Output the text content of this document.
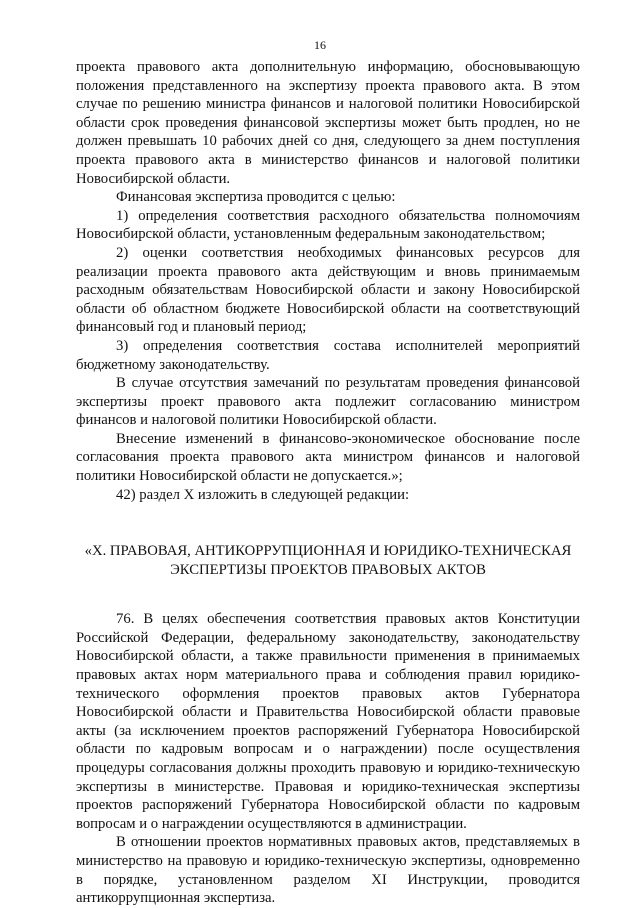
16

проекта правового акта дополнительную информацию, обосновывающую положения представленного на экспертизу проекта правового акта. В этом случае по решению министра финансов и налоговой политики Новосибирской области срок проведения финансовой экспертизы может быть продлен, но не должен превышать 10 рабочих дней со дня, следующего за днем поступления проекта правового акта в министерство финансов и налоговой политики Новосибирской области.

Финансовая экспертиза проводится с целью:

1) определения соответствия расходного обязательства полномочиям Новосибирской области, установленным федеральным законодательством;

2) оценки соответствия необходимых финансовых ресурсов для реализации проекта правового акта действующим и вновь принимаемым расходным обязательствам Новосибирской области и закону Новосибирской области об областном бюджете Новосибирской области на соответствующий финансовый год и плановый период;

3) определения соответствия состава исполнителей мероприятий бюджетному законодательству.

В случае отсутствия замечаний по результатам проведения финансовой экспертизы проект правового акта подлежит согласованию министром финансов и налоговой политики Новосибирской области.

Внесение изменений в финансово-экономическое обоснование после согласования проекта правового акта министром финансов и налоговой политики Новосибирской области не допускается.»;

42) раздел X изложить в следующей редакции:

«X. ПРАВОВАЯ, АНТИКОРРУПЦИОННАЯ И ЮРИДИКО-ТЕХНИЧЕСКАЯ
ЭКСПЕРТИЗЫ ПРОЕКТОВ ПРАВОВЫХ АКТОВ

76. В целях обеспечения соответствия правовых актов Конституции Российской Федерации, федеральному законодательству, законодательству Новосибирской области, а также правильности применения в принимаемых правовых актах норм материального права и соблюдения правил юридико-технического оформления проектов правовых актов Губернатора Новосибирской области и Правительства Новосибирской области правовые акты (за исключением проектов распоряжений Губернатора Новосибирской области по кадровым вопросам и о награждении) после осуществления процедуры согласования должны проходить правовую и юридико-техническую экспертизы в министерстве. Правовая и юридико-техническая экспертизы проектов распоряжений Губернатора Новосибирской области по кадровым вопросам и о награждении осуществляются в администрации.

В отношении проектов нормативных правовых актов, представляемых в министерство на правовую и юридико-техническую экспертизы, одновременно в порядке, установленном разделом XI Инструкции, проводится антикоррупционная экспертиза.
